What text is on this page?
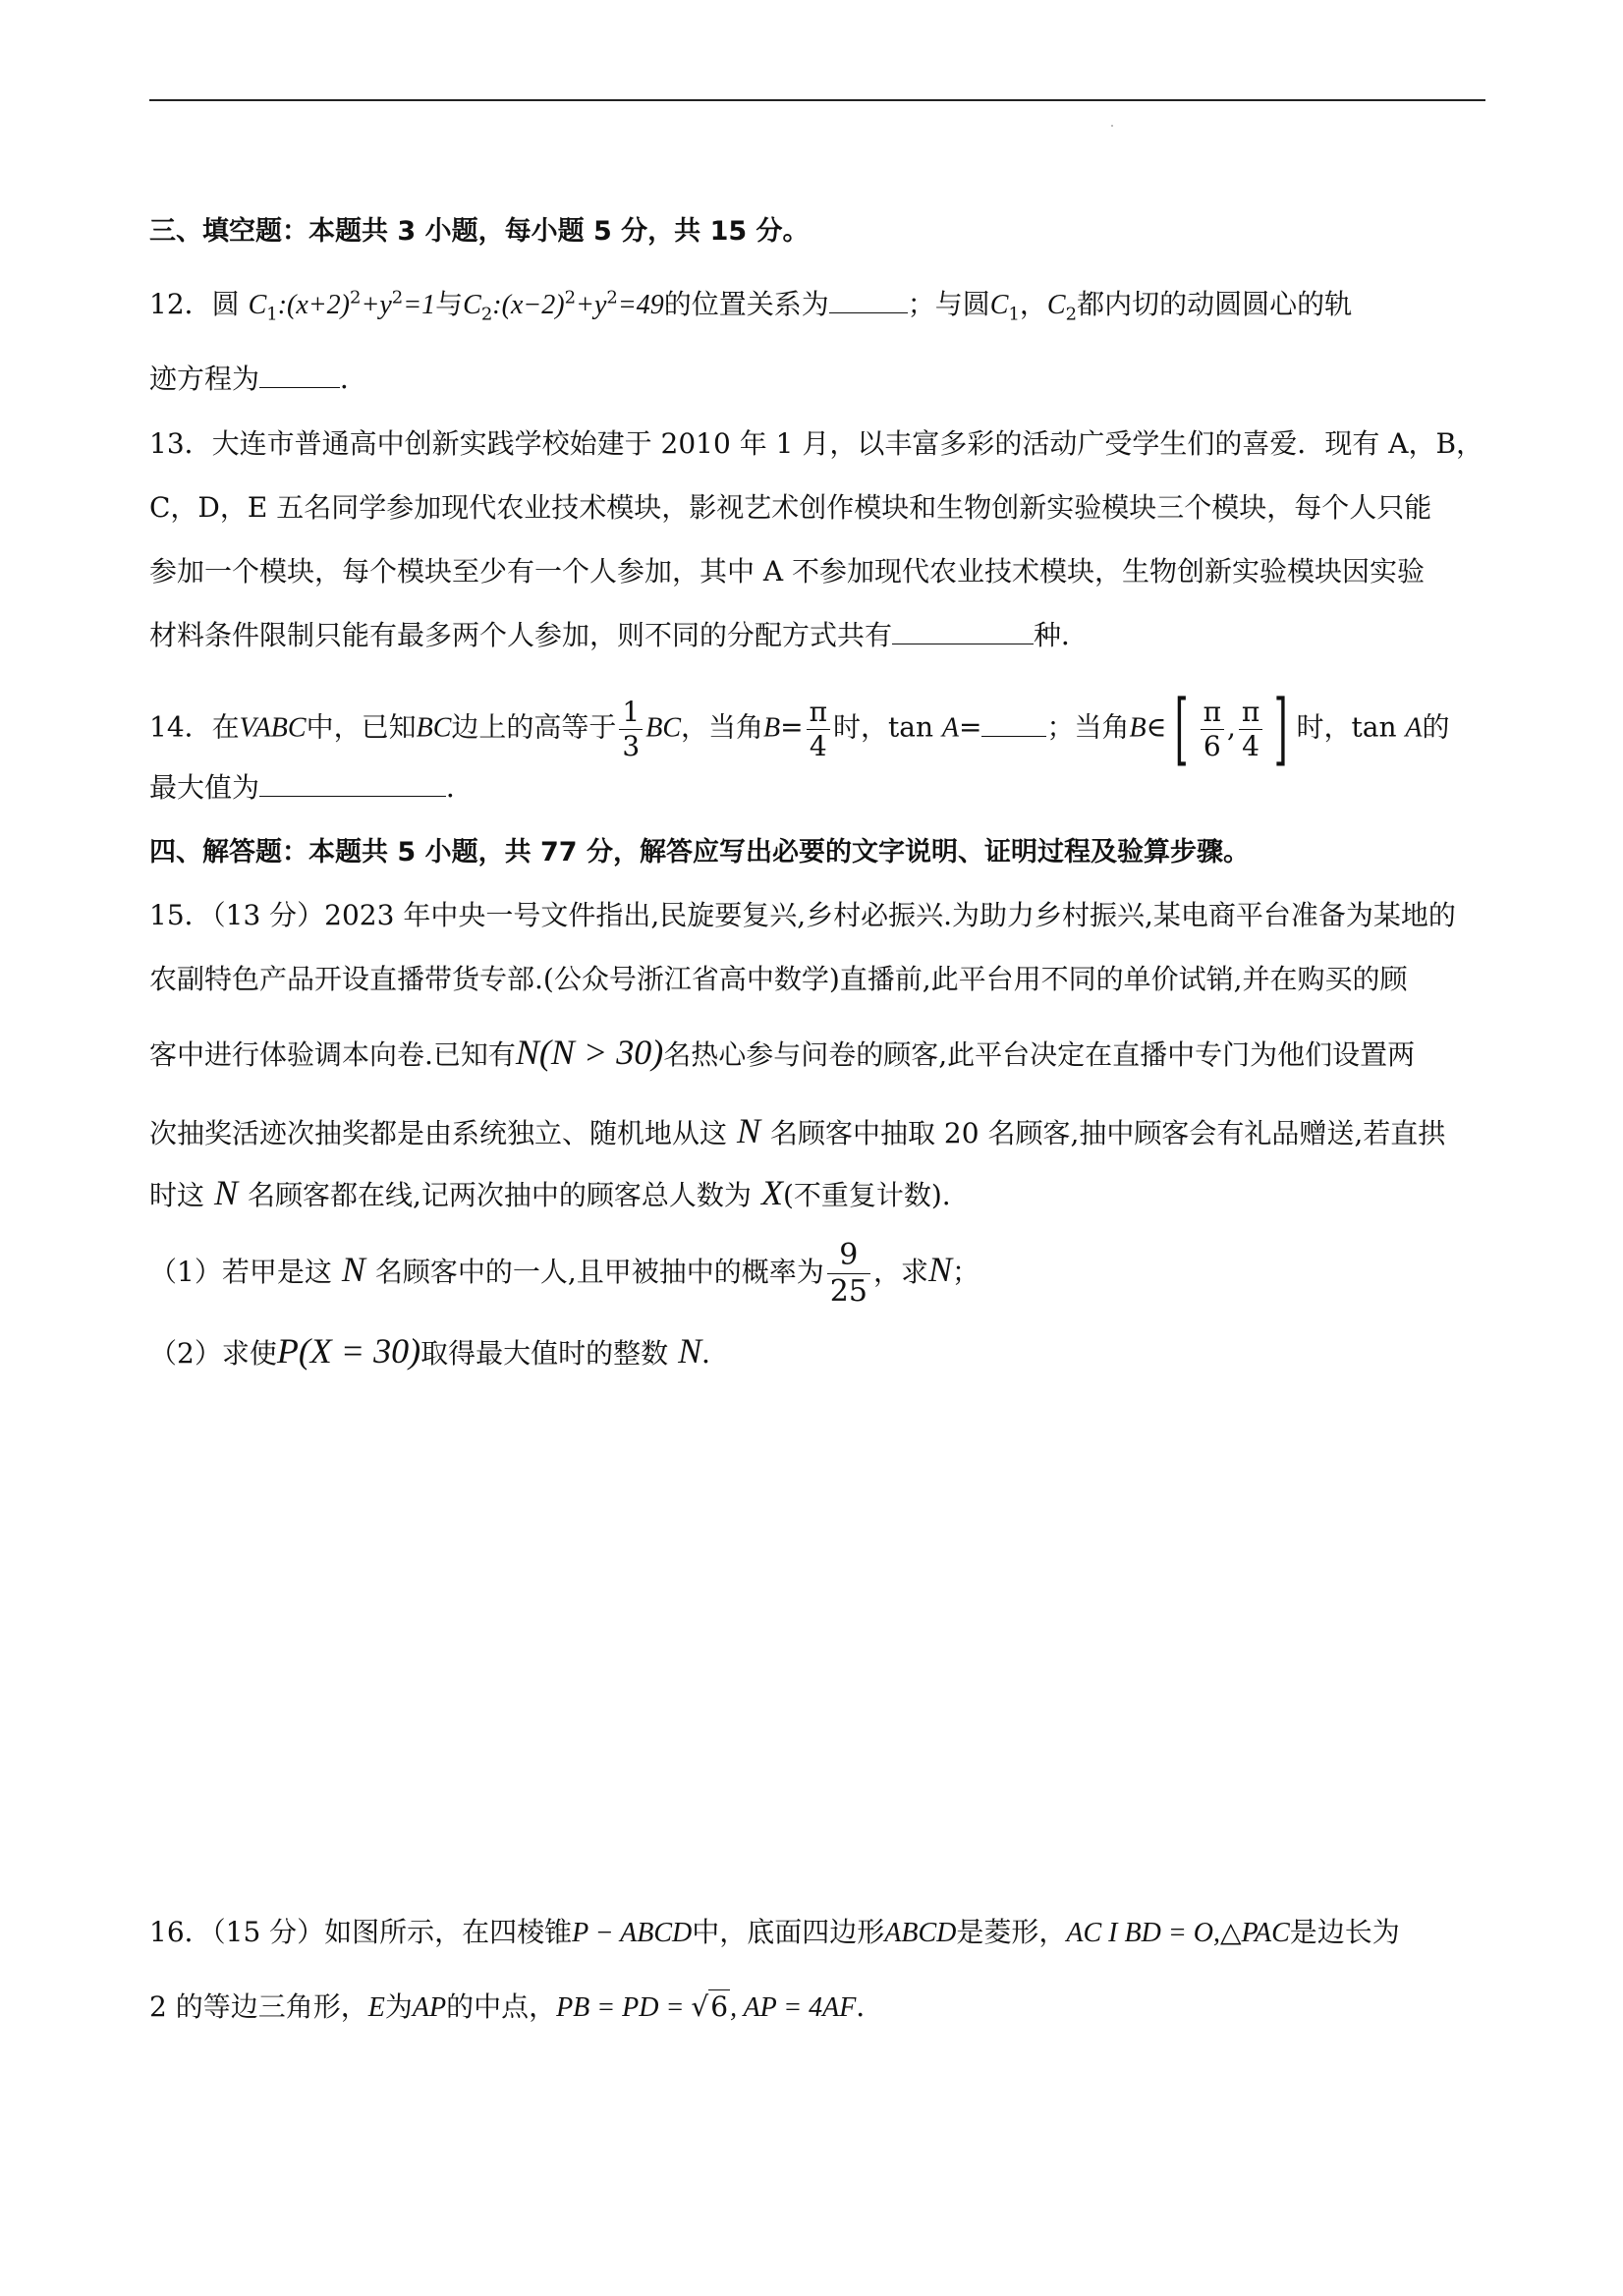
三、填空题：本题共 3 小题，每小题 5 分，共 15 分。
12．圆 $C_1:(x+2)^2+y^2=1$与$C_2:(x-2)^2+y^2=49$的位置关系为	；与圆$C_1$，$C_2$都内切的动圆圆心的轨
迹方程为	．
13．大连市普通高中创新实践学校始建于 2010 年 1 月，以丰富多彩的活动广受学生们的喜爱．现有 A，B，
C，D，E 五名同学参加现代农业技术模块，影视艺术创作模块和生物创新实验模块三个模块，每个人只能
参加一个模块，每个模块至少有一个人参加，其中 A 不参加现代农业技术模块，生物创新实验模块因实验
材料条件限制只能有最多两个人参加，则不同的分配方式共有	种．
14．在VABC中，已知BC边上的高等于 $\frac{1}{3}$ BC，当角$B= \frac{\pi}{4}$ 时，tan A= ；当角B∈ [ $\frac{\pi}{6}$ , $\frac{\pi}{4}$ ] 时，tan A的
最大值为	．
四、解答题：本题共 5 小题，共 77 分，解答应写出必要的文字说明、证明过程及验算步骤。
15．（13 分）2023 年中央一号文件指出,民旋要复兴,乡村必振兴.为助力乡村振兴,某电商平台准备为某地的
农副特色产品开设直播带货专部.(公众号浙江省高中数学)直播前,此平台用不同的单价试销,并在购买的顾
客中进行体验调本向卷.已知有N(N > 30)名热心参与问卷的顾客,此平台决定在直播中专门为他们设置两
次抽奖活迹次抽奖都是由系统独立、随机地从这 N 名顾客中抽取 20 名顾客,抽中顾客会有礼品赠送,若直拱
时这 N 名顾客都在线,记两次抽中的顾客总人数为 X(不重复计数).
（1）若甲是这 N 名顾客中的一人,且甲被抽中的概率为 $\frac{9}{25}$ ，求N；
（2）求使P(X = 30)取得最大值时的整数 N．
16．（15 分）如图所示，在四棱锥P − ABCD中，底面四边形ABCD是菱形，AC I BD = O,△PAC是边长为
2 的等边三角形，E为AP的中点，PB = PD = √6, AP = 4AF．
